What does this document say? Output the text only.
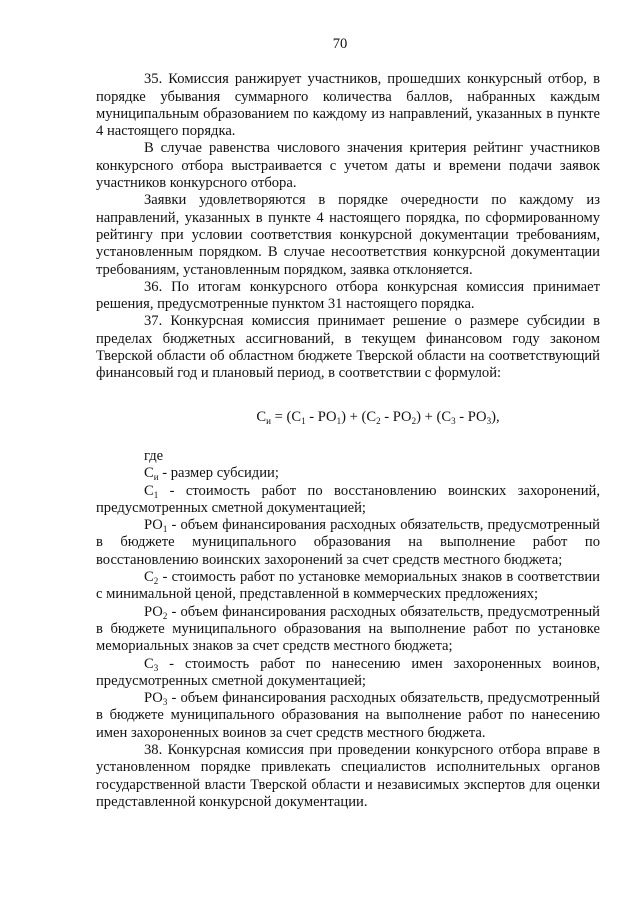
70

35. Комиссия ранжирует участников, прошедших конкурсный отбор, в порядке убывания суммарного количества баллов, набранных каждым муниципальным образованием по каждому из направлений, указанных в пункте 4 настоящего порядка.

В случае равенства числового значения критерия рейтинг участников конкурсного отбора выстраивается с учетом даты и времени подачи заявок участников конкурсного отбора.

Заявки удовлетворяются в порядке очередности по каждому из направлений, указанных в пункте 4 настоящего порядка, по сформированному рейтингу при условии соответствия конкурсной документации требованиям, установленным порядком. В случае несоответствия конкурсной документации требованиям, установленным порядком, заявка отклоняется.

36. По итогам конкурсного отбора конкурсная комиссия принимает решения, предусмотренные пунктом 31 настоящего порядка.

37. Конкурсная комиссия принимает решение о размере субсидии в пределах бюджетных ассигнований, в текущем финансовом году законом Тверской области об областном бюджете Тверской области на соответствующий финансовый год и плановый период, в соответствии с формулой:

$С_и = (С_1 - РО_1) + (С_2 - РО_2) + (С_3 - РО_3)$,

где

$С_и$ - размер субсидии;

$С_1$ - стоимость работ по восстановлению воинских захоронений, предусмотренных сметной документацией;

$РО_1$ - объем финансирования расходных обязательств, предусмотренный в бюджете муниципального образования на выполнение работ по восстановлению воинских захоронений за счет средств местного бюджета;

$С_2$ - стоимость работ по установке мемориальных знаков в соответствии с минимальной ценой, представленной в коммерческих предложениях;

$РО_2$ - объем финансирования расходных обязательств, предусмотренный в бюджете муниципального образования на выполнение работ по установке мемориальных знаков за счет средств местного бюджета;

$С_3$ - стоимость работ по нанесению имен захороненных воинов, предусмотренных сметной документацией;

$РО_3$ - объем финансирования расходных обязательств, предусмотренный в бюджете муниципального образования на выполнение работ по нанесению имен захороненных воинов за счет средств местного бюджета.

38. Конкурсная комиссия при проведении конкурсного отбора вправе в установленном порядке привлекать специалистов исполнительных органов государственной власти Тверской области и независимых экспертов для оценки представленной конкурсной документации.
